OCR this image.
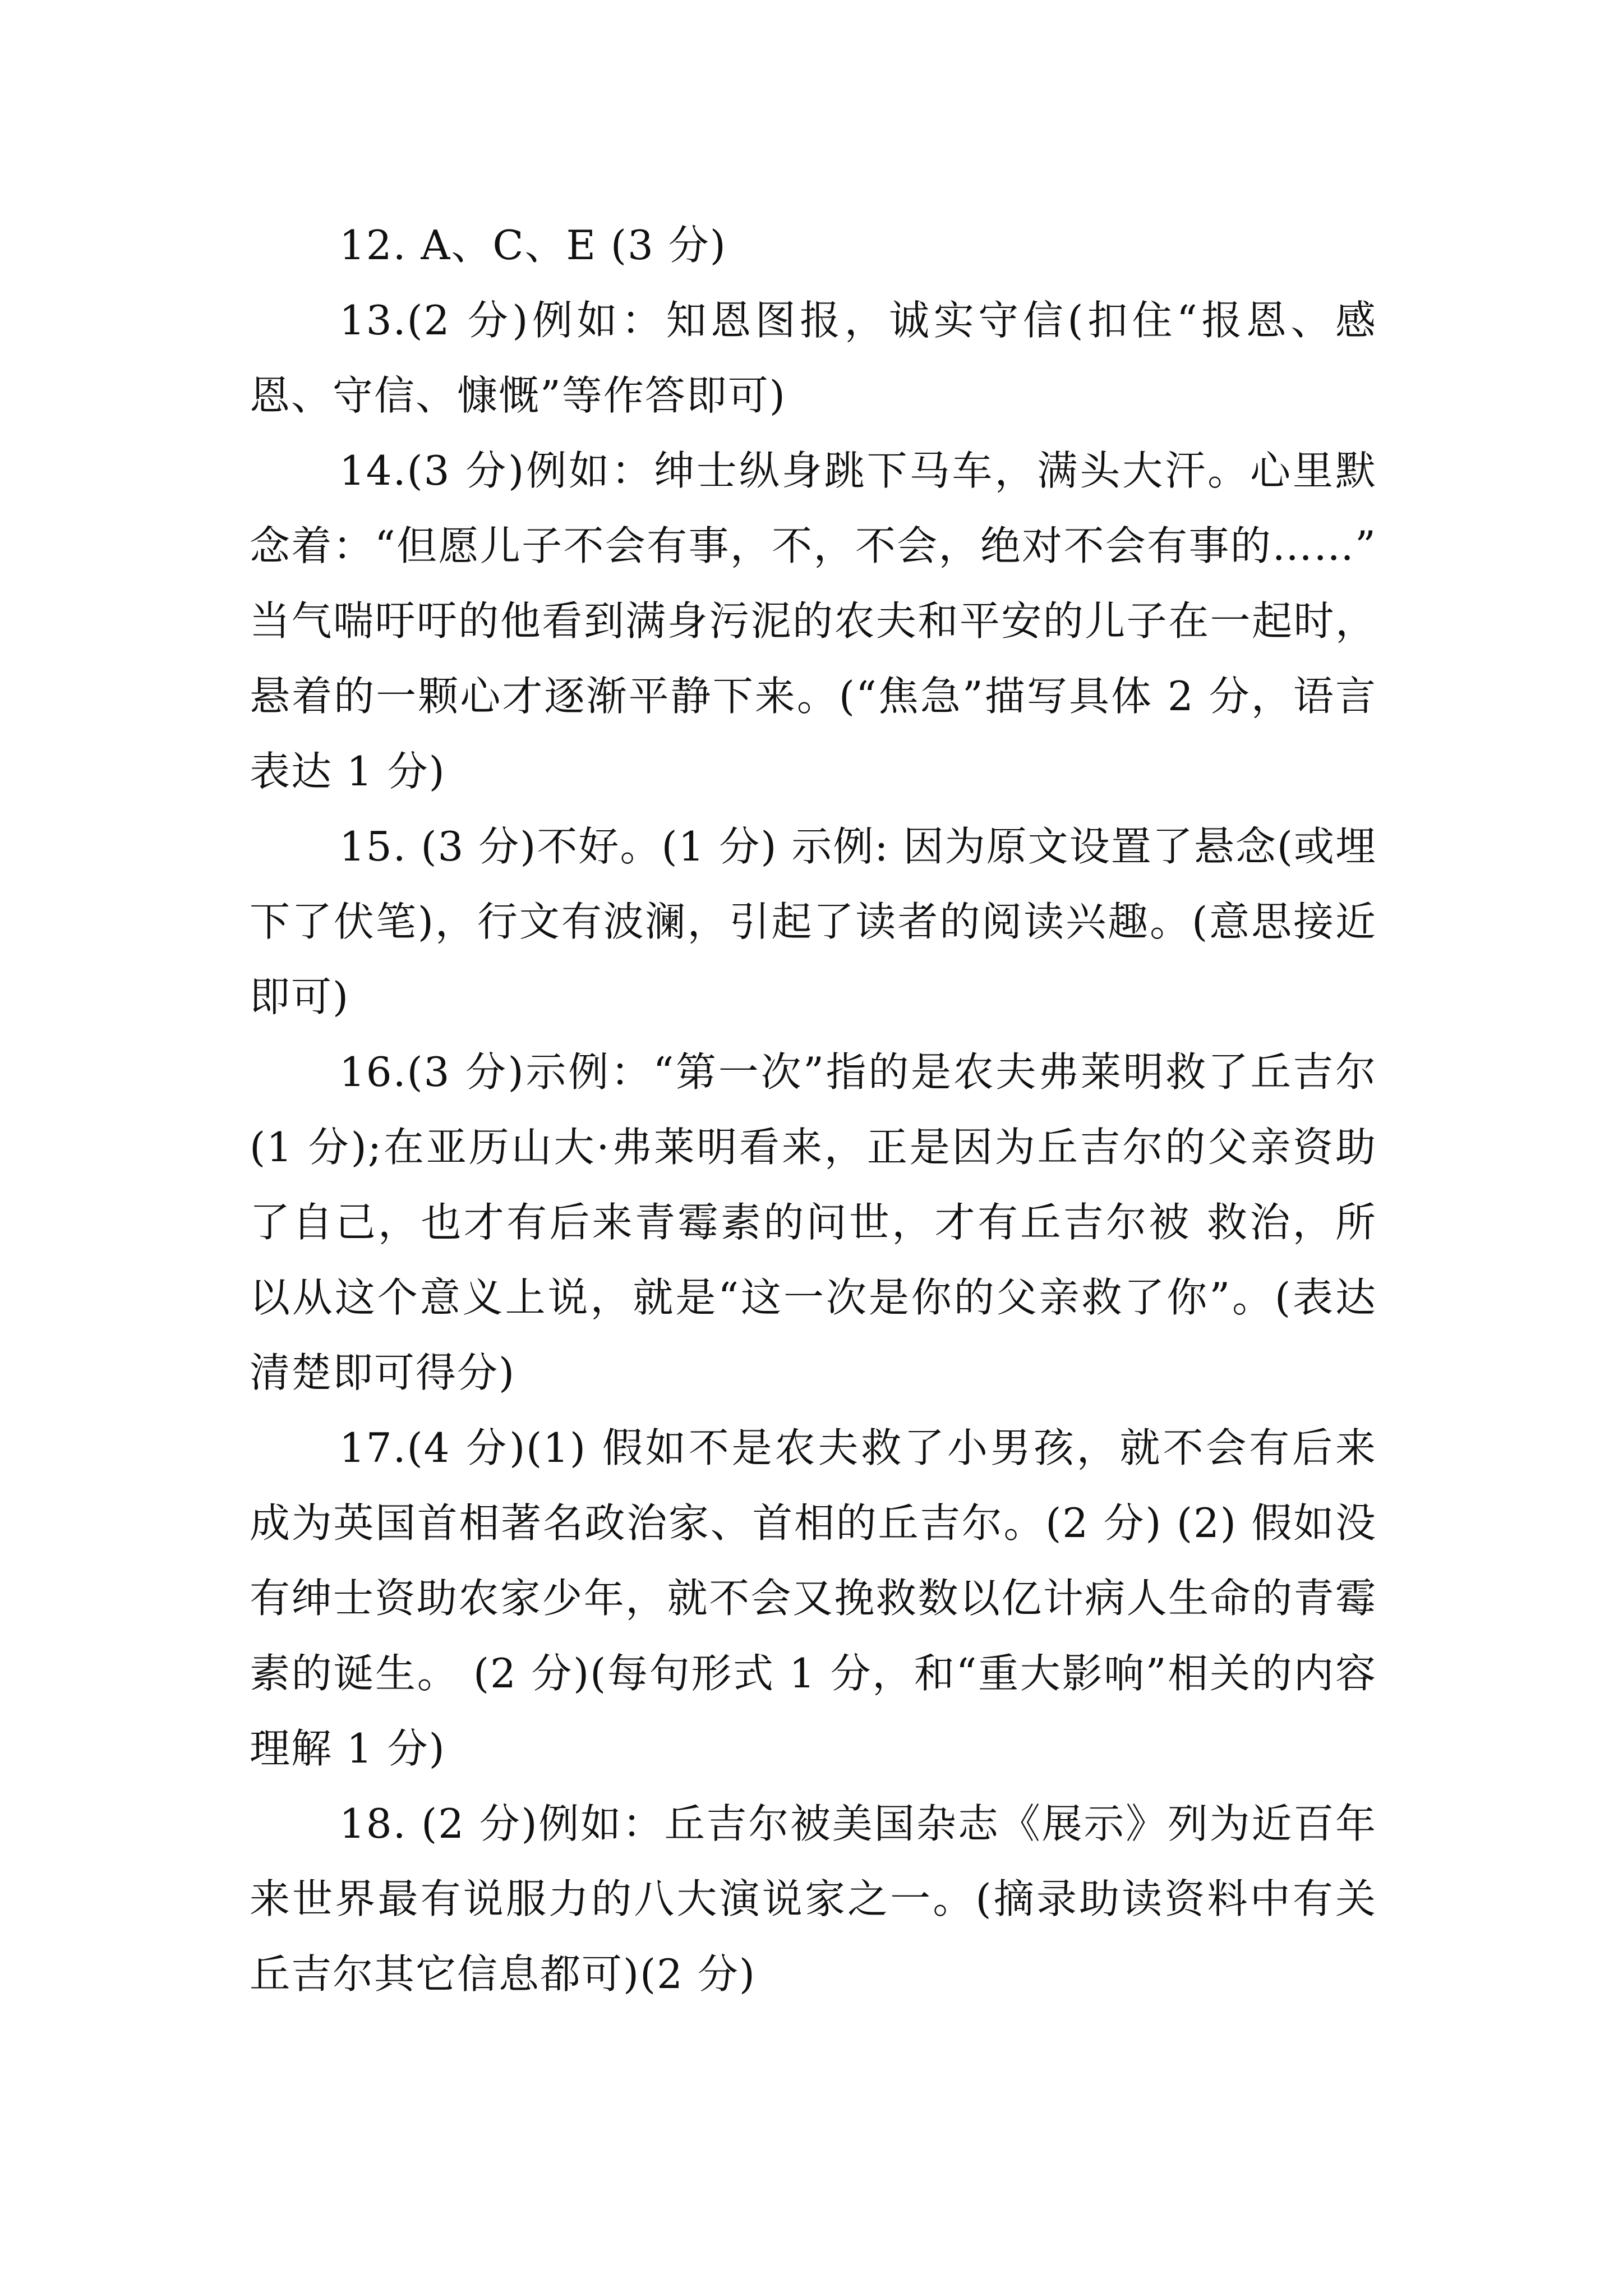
12. A、C、E (3 分)

13.(2 分)例如：知恩图报，诚实守信(扣住“报恩、感恩、守信、慷慨”等作答即可)

14.(3 分)例如：绅士纵身跳下马车，满头大汗。心里默念着：“但愿儿子不会有事，不，不会，绝对不会有事的……” 当气喘吁吁的他看到满身污泥的农夫和平安的儿子在一起时，悬着的一颗心才逐渐平静下来。(“焦急”描写具体 2 分，语言表达 1 分)

15. (3 分)不好。(1 分) 示例: 因为原文设置了悬念(或埋下了伏笔)，行文有波澜，引起了读者的阅读兴趣。(意思接近即可)

16.(3 分)示例：“第一次”指的是农夫弗莱明救了丘吉尔(1 分);在亚历山大·弗莱明看来，正是因为丘吉尔的父亲资助了自己，也才有后来青霉素的问世，才有丘吉尔被 救治，所以从这个意义上说，就是“这一次是你的父亲救了你”。(表达清楚即可得分)

17.(4 分)(1) 假如不是农夫救了小男孩，就不会有后来成为英国首相著名政治家、首相的丘吉尔。(2 分) (2) 假如没有绅士资助农家少年，就不会又挽救数以亿计病人生命的青霉素的诞生。 (2 分)(每句形式 1 分，和“重大影响”相关的内容理解 1 分)

18. (2 分)例如：丘吉尔被美国杂志《展示》列为近百年来世界最有说服力的八大演说家之一。(摘录助读资料中有关丘吉尔其它信息都可)(2 分)
